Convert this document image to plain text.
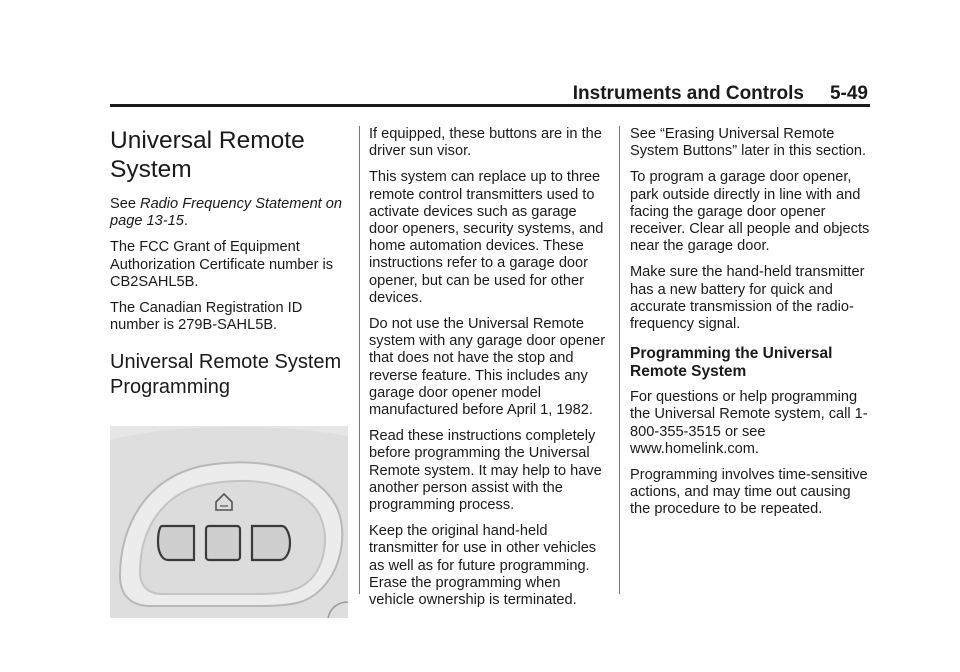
Instruments and Controls 5-49
Universal Remote System

See Radio Frequency Statement on page 13-15.

The FCC Grant of Equipment Authorization Certificate number is CB2SAHL5B.

The Canadian Registration ID number is 279B-SAHL5B.

Universal Remote System Programming

If equipped, these buttons are in the driver sun visor.

This system can replace up to three remote control transmitters used to activate devices such as garage door openers, security systems, and home automation devices. These instructions refer to a garage door opener, but can be used for other devices.

Do not use the Universal Remote system with any garage door opener that does not have the stop and reverse feature. This includes any garage door opener model manufactured before April 1, 1982.

Read these instructions completely before programming the Universal Remote system. It may help to have another person assist with the programming process.

Keep the original hand-held transmitter for use in other vehicles as well as for future programming. Erase the programming when vehicle ownership is terminated.

See “Erasing Universal Remote System Buttons” later in this section.

To program a garage door opener, park outside directly in line with and facing the garage door opener receiver. Clear all people and objects near the garage door.

Make sure the hand-held transmitter has a new battery for quick and accurate transmission of the radio-frequency signal.

Programming the Universal Remote System

For questions or help programming the Universal Remote system, call 1-800-355-3515 or see www.homelink.com.

Programming involves time-sensitive actions, and may time out causing the procedure to be repeated.
